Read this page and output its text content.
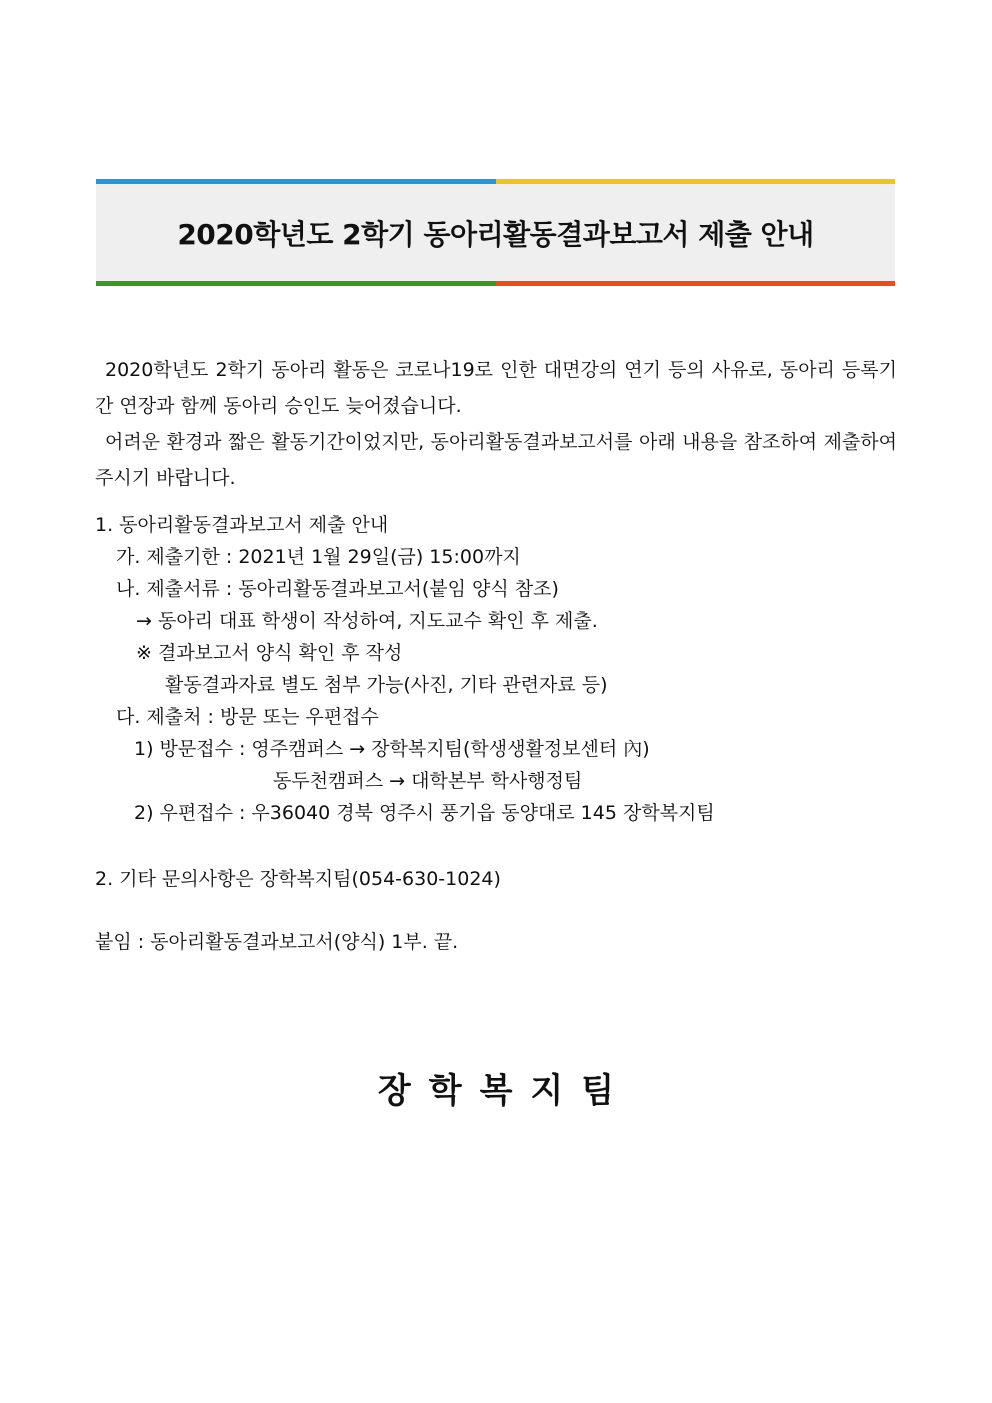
2020학년도 2학기 동아리활동결과보고서 제출 안내

2020학년도 2학기 동아리 활동은 코로나19로 인한 대면강의 연기 등의 사유로, 동아리 등록기간 연장과 함께 동아리 승인도 늦어졌습니다.

어려운 환경과 짧은 활동기간이었지만, 동아리활동결과보고서를 아래 내용을 참조하여 제출하여 주시기 바랍니다.

1. 동아리활동결과보고서 제출 안내
가. 제출기한 : 2021년 1월 29일(금) 15:00까지
나. 제출서류 : 동아리활동결과보고서(붙임 양식 참조)
→ 동아리 대표 학생이 작성하여, 지도교수 확인 후 제출.
※ 결과보고서 양식 확인 후 작성
활동결과자료 별도 첨부 가능(사진, 기타 관련자료 등)
다. 제출처 : 방문 또는 우편접수
1) 방문접수 : 영주캠퍼스 → 장학복지팀(학생생활정보센터 內)
동두천캠퍼스 → 대학본부 학사행정팀
2) 우편접수 : 우36040 경북 영주시 풍기읍 동양대로 145 장학복지팀
2. 기타 문의사항은 장학복지팀(054-630-1024)
붙임 : 동아리활동결과보고서(양식) 1부. 끝.
장학복지팀
